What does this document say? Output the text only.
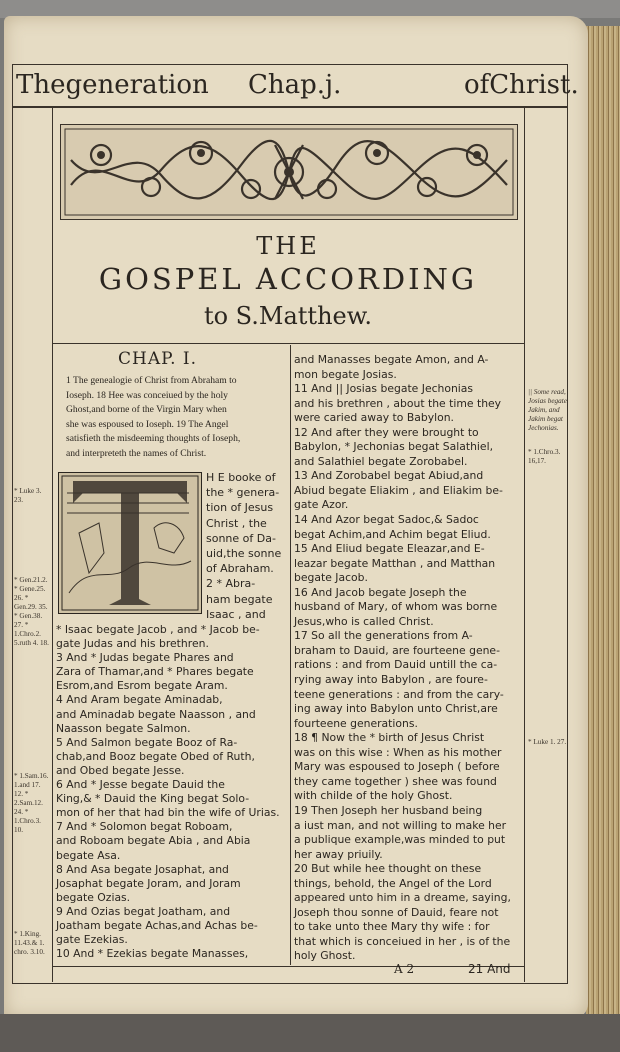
Thegeneration Chap.j.	ofChrist.
THE
GOSPEL ACCORDING
to S.Matthew.
CHAP. I.
1 The genealogie of Christ from Abraham to
Ioseph. 18 Hee was conceiued by the holy
Ghost,and borne of the Virgin Mary when
she was espoused to Ioseph. 19 The Angel
satisfieth the misdeeming thoughts of Ioseph,
and interpreteth the names of Christ.
H E booke of
the * genera-
tion of Jesus
Christ , the
sonne of Da-
uid,the sonne
of Abraham.
2 * Abra-
ham begate
Isaac , and
* Isaac begate Jacob , and * Jacob be-
gate Judas and his brethren.
3 And * Judas begate Phares and
Zara of Thamar,and * Phares begate
Esrom,and Esrom begate Aram.
4 And Aram begate Aminadab,
and Aminadab begate Naasson , and
Naasson begate Salmon.
5 And Salmon begate Booz of Ra-
chab,and Booz begate Obed of Ruth,
and Obed begate Jesse.
6 And * Jesse begate Dauid the
King,& * Dauid the King begat Solo-
mon of her that had bin the wife of Urias.
7 And * Solomon begat Roboam,
and Roboam begate Abia , and Abia
begate Asa.
8 And Asa begate Josaphat, and
Josaphat begate Joram, and Joram
begate Ozias.
9 And Ozias begat Joatham, and
Joatham begate Achas,and Achas be-
gate Ezekias.
10 And * Ezekias begate Manasses,
and Manasses begate Amon, and A-
mon begate Josias.
11 And || Josias begate Jechonias
and his brethren , about the time they
were caried away to Babylon.
12 And after they were brought to
Babylon, * Jechonias begat Salathiel,
and Salathiel begate Zorobabel.
13 And Zorobabel begat Abiud,and
Abiud begate Eliakim , and Eliakim be-
gate Azor.
14 And Azor begat Sadoc,& Sadoc
begat Achim,and Achim begat Eliud.
15 And Eliud begate Eleazar,and E-
leazar begate Matthan , and Matthan
begate Jacob.
16 And Jacob begate Joseph the
husband of Mary, of whom was borne
Jesus,who is called Christ.
17 So all the generations from A-
braham to Dauid, are fourteene gene-
rations : and from Dauid untill the ca-
rying away into Babylon , are foure-
teene generations : and from the cary-
ing away into Babylon unto Christ,are
fourteene generations.
18 ¶ Now the * birth of Jesus Christ
was on this wise : When as his mother
Mary was espoused to Joseph ( before
they came together ) shee was found
with childe of the holy Ghost.
19 Then Joseph her husband being
a iust man, and not willing to make her
a publique example,was minded to put
her away priuily.
20 But while hee thought on these
things, behold, the Angel of the Lord
appeared unto him in a dreame, saying,
Joseph thou sonne of Dauid, feare not
to take unto thee Mary thy wife : for
that which is conceiued in her , is of the
holy Ghost.
A 2	21 And
* Luke 3. 23.
* Gen.21.2. * Gene.25. 26. * Gen.29. 35. * Gen.38. 27. * 1.Chro.2. 5.ruth 4. 18.
* 1.Sam.16. 1.and 17. 12. * 2.Sam.12. 24. * 1.Chro.3. 10.
* 1.King. 11.43.& 1. chro. 3.10.
|| Some read, Josias begate Jakim, and Jakim begat Jechonias.
* 1.Chro.3. 16,17.
* Luke 1. 27.
